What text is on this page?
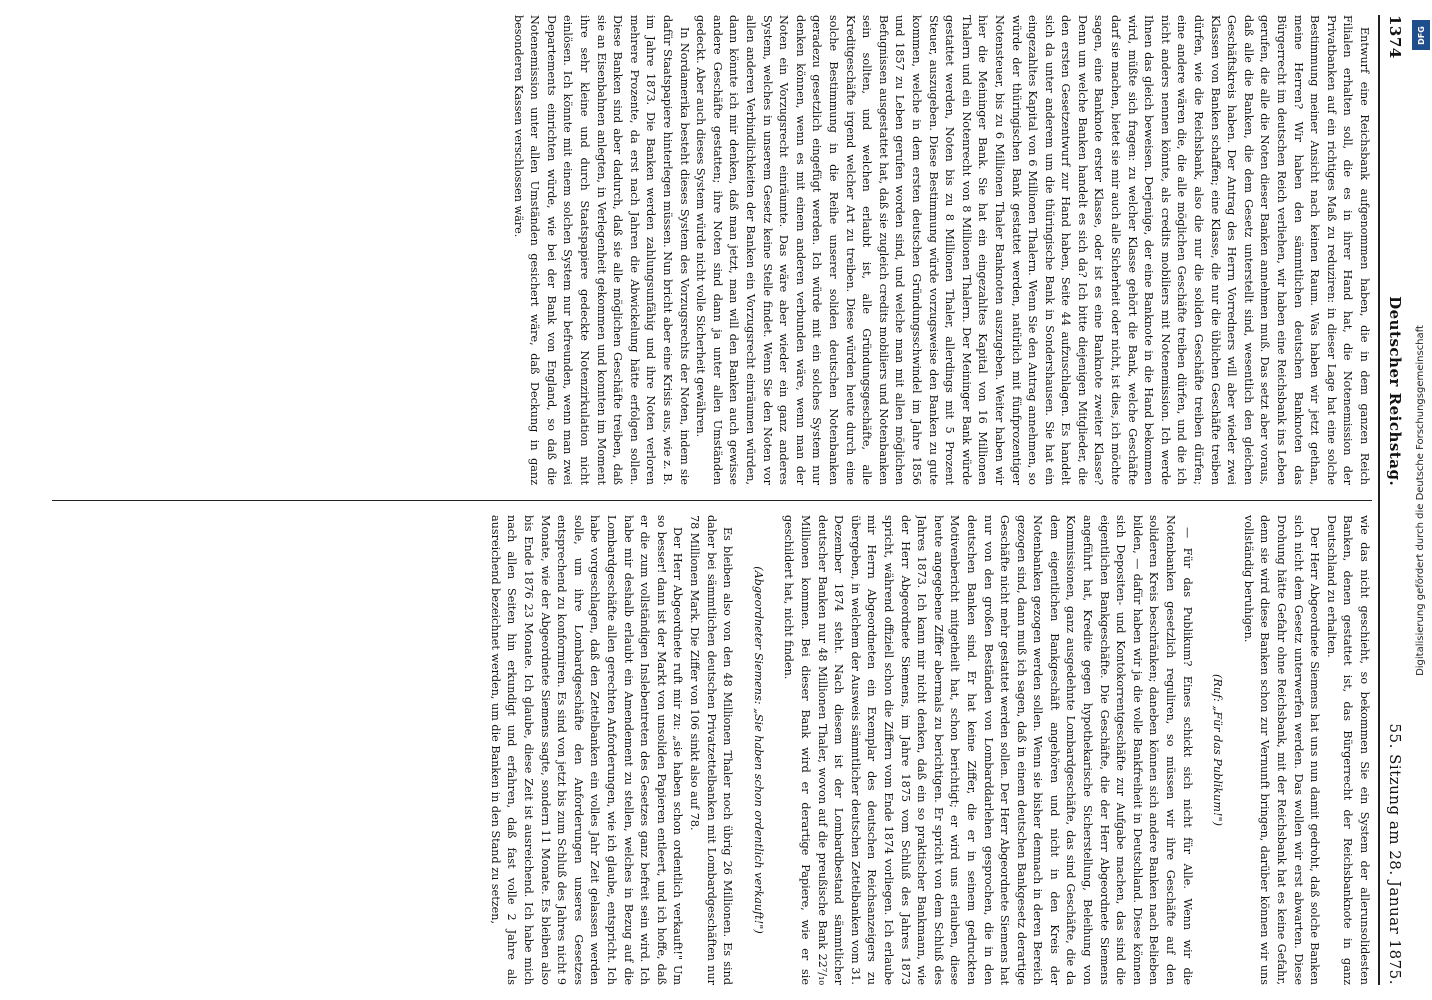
1374
Deutscher Reichstag.
55. Sitzung am 28. Januar 1875.

Entwurf eine Reichsbank aufgenommen haben, die in dem ganzen Reich Filialen erhalten soll, die es in ihrer Hand hat, die Notenemission der Privatbanken auf ein richtiges Maß zu reduziren: in dieser Lage hat eine solche Bestimmung meiner Ansicht nach keinen Raum. Was haben wir jetzt gethan, meine Herren? Wir haben den sämmtlichen deutschen Banknoten das Bürgerrecht im deutschen Reich verliehen, wir haben eine Reichsbank ins Leben gerufen, die alle die Noten dieser Banken annehmen muß. Das setzt aber voraus, daß alle die Banken, die dem Gesetz unterstellt sind, wesentlich den gleichen Geschäftskreis haben. Der Antrag des Herrn Vorredners will aber wieder zwei Klassen von Banken schaffen; eine Klasse, die nur die üblichen Geschäfte treiben dürfen, wie die Reichsbank, also die nur die soliden Geschäfte treiben dürfen; eine andere wären die, die alle möglichen Geschäfte treiben dürfen, und die ich nicht anders nennen könnte, als credits mobiliers mit Notenemission. Ich werde Ihnen das gleich beweisen. Derjenige, der eine Banknote in die Hand bekommen wird, müßte sich fragen: zu welcher Klasse gehört die Bank, welche Geschäfte darf sie machen, bietet sie mir auch alle Sicherheit oder nicht, ist dies, ich möchte sagen, eine Banknote erster Klasse, oder ist es eine Banknote zweiter Klasse? Denn um welche Banken handelt es sich da? Ich bitte diejenigen Mitglieder, die den ersten Gesetzentwurf zur Hand haben, Seite 44 aufzuschlagen. Es handelt sich da unter anderem um die thüringische Bank in Sondershausen. Sie hat ein eingezahltes Kapital von 6 Millionen Thalern. Wenn Sie den Antrag annehmen, so würde der thüringischen Bank gestattet werden, natürlich mit fünfprozentiger Notensteuer, bis zu 6 Millionen Thaler Banknoten auszugeben. Weiter haben wir hier die Meininger Bank. Sie hat ein eingezahltes Kapital von 16 Millionen Thalern und ein Notenrecht von 8 Millionen Thalern. Der Meininger Bank würde gestattet werden, Noten bis zu 8 Millionen Thaler, allerdings mit 5 Prozent Steuer, auszugeben. Diese Bestimmung würde vorzugsweise den Banken zu gute kommen, welche in dem ersten deutschen Gründungsschwindel im Jahre 1856 und 1857 zu Leben gerufen worden sind, und welche man mit allen möglichen Befugnissen ausgestattet hat, daß sie zugleich credits mobiliers und Notenbanken sein sollten, und welchen erlaubt ist, alle Gründungsgeschäfte, alle Kreditgeschäfte irgend welcher Art zu treiben. Diese würden heute durch eine solche Bestimmung in die Reihe unserer soliden deutschen Notenbanken geradezu gesetzlich eingefügt werden. Ich würde mit ein solches System nur denken können, wenn es mit einem anderen verbunden wäre, wenn man der Noten ein Vorzugsrecht einräumte. Das wäre aber wieder ein ganz anderes System, welches in unserem Gesetz keine Stelle findet. Wenn Sie den Noten vor allen anderen Verbindlichkeiten der Banken ein Vorzugsrecht einräumen würden, dann könnte ich mir denken, daß man jetzt, man will den Banken auch gewisse andere Geschäfte gestatten; ihre Noten sind dann ja unter allen Umständen gedeckt. Aber auch dieses System würde nicht volle Sicherheit gewähren.

In Nordamerika besteht dieses System des Vorzugsrechts der Noten, indem sie dafür Staatspapiere hinterlegen müssen. Nun bricht aber eine Krisis aus, wie z. B. im Jahre 1873. Die Banken werden zahlungsunfähig und ihre Noten verloren mehrere Prozente, da erst nach Jahren die Abwickelung hätte erfolgen sollen. Diese Banken sind aber dadurch, daß sie alle möglichen Geschäfte treiben, daß sie an Eisenbahnen anlegten, in Verlegenheit gekommen und konnten im Moment ihre sehr kleine und durch Staatspapiere gedeckte Notenzirkulation nicht einlösen. Ich könnte mit einem solchen System nur befreunden, wenn man zwei Departements einrichten würde, wie bei der Bank von England, so daß die Notenemission unter allen Umständen gesichert wäre, daß Deckung in ganz besonderen Kassen verschlossen wäre.

wie das nicht geschieht, so bekommen Sie ein System der allerunsolidesten Banken, denen gestattet ist, das Bürgerrecht der Reichsbanknote in ganz Deutschland zu erhalten.

Der Herr Abgeordnete Siemens hat uns nun damit gedroht, daß solche Banken sich nicht dem Gesetz unterwerfen werden. Das wollen wir erst abwarten. Diese Drohung hätte Gefahr ohne Reichsbank, mit der Reichsbank hat es keine Gefahr, denn sie wird diese Banken schon zur Vernunft bringen, darüber können wir uns vollständig beruhigen.

(Ruf: „Für das Publikum!")

— Für das Publikum? Eines schickt sich nicht für Alle. Wenn wir die Notenbanken gesetzlich reguliren, so müssen wir ihre Geschäfte auf den solideren Kreis beschränken; daneben können sich andere Banken nach Belieben bilden, — dafür haben wir ja die volle Bankfreiheit in Deutschland. Diese können sich Depositen- und Kontokorrentgeschäfte zur Aufgabe machen, das sind die eigentlichen Bankgeschäfte. Die Geschäfte, die der Herr Abgeordnete Siemens angeführt hat, Kredite gegen hypothekarische Sicherstellung, Beleihung von Kommissionen, ganz ausgedehnte Lombardgeschäfte, das sind Geschäfte, die da dem eigentlichen Bankgeschäft angehören und nicht in den Kreis der Notenbanken gezogen werden sollen. Wenn sie bisher demnach in deren Bereich gezogen sind, dann muß ich sagen, daß in einem deutschen Bankgesetz derartige Geschäfte nicht mehr gestattet werden sollen. Der Herr Abgeordnete Siemens hat nur von den großen Beständen von Lombarddarlehen gesprochen, die in den deutschen Banken sind. Er hat keine Ziffer, die er in seinem gedruckten Motivenbericht mitgetheilt hat, schon berichtigt; er wird uns erlauben, diese heute angegebene Ziffer abermals zu berichtigen. Er spricht von dem Schluß des Jahres 1873. Ich kann mir nicht denken, daß ein so praktischer Bankmann, wie der Herr Abgeordnete Siemens, im Jahre 1875 vom Schluß des Jahres 1873 spricht, während offiziell schon die Ziffern vom Ende 1874 vorliegen. Ich erlaube mir Herrn Abgeordneten ein Exemplar des deutschen Reichsanzeigers zu übergeben, in welchem der Ausweis sämmtlicher deutschen Zettelbanken vom 31. Dezember 1874 steht. Nach diesem ist der Lombardbestand sämmtlicher deutscher Banken nur 48 Millionen Thaler, wovon auf die preußische Bank 22⁷/₁₀ Millionen kommen. Bei dieser Bank wird er derartige Papiere, wie er sie geschildert hat, nicht finden.

(Abgeordneter Siemens: „Sie haben schon ordentlich verkauft!")

Es bleiben also von den 48 Millionen Thaler noch übrig 26 Millionen. Es sind daher bei sämmtlichen deutschen Privatzettelbanken mit Lombardgeschäften nur 78 Millionen Mark. Die Ziffer von 106 sinkt also auf 78.

Der Herr Abgeordnete ruft mir zu: „sie haben schon ordentlich verkauft!" Um so besser! dann ist der Markt von unsoliden Papieren entleert, und ich hoffe, daß er die zum vollständigen Inslebentreten des Gesetzes ganz befreit sein wird. Ich habe mir deshalb erlaubt ein Amendement zu stellen, welches in Bezug auf die Lombardgeschäfte allen gerechten Anforderungen, wie ich glaube, entspricht. Ich habe vorgeschlagen, daß den Zettelbanken ein volles Jahr Zeit gelassen werden solle, um ihre Lombardgeschäfte den Anforderungen unseres Gesetzes entsprechend zu konformiren. Es sind von jetzt bis zum Schluß des Jahres nicht 9 Monate, wie der Abgeordnete Siemens sagte, sondern 11 Monate. Es bleiben also bis Ende 1876 23 Monate. Ich glaube, diese Zeit ist ausreichend. Ich habe mich nach allen Seiten hin erkundigt und erfahren, daß fast volle 2 Jahre als ausreichend bezeichnet werden, um die Banken in den Stand zu setzen,

DFG
Digitalisierung gefördert durch die Deutsche Forschungsgemeinschaft
